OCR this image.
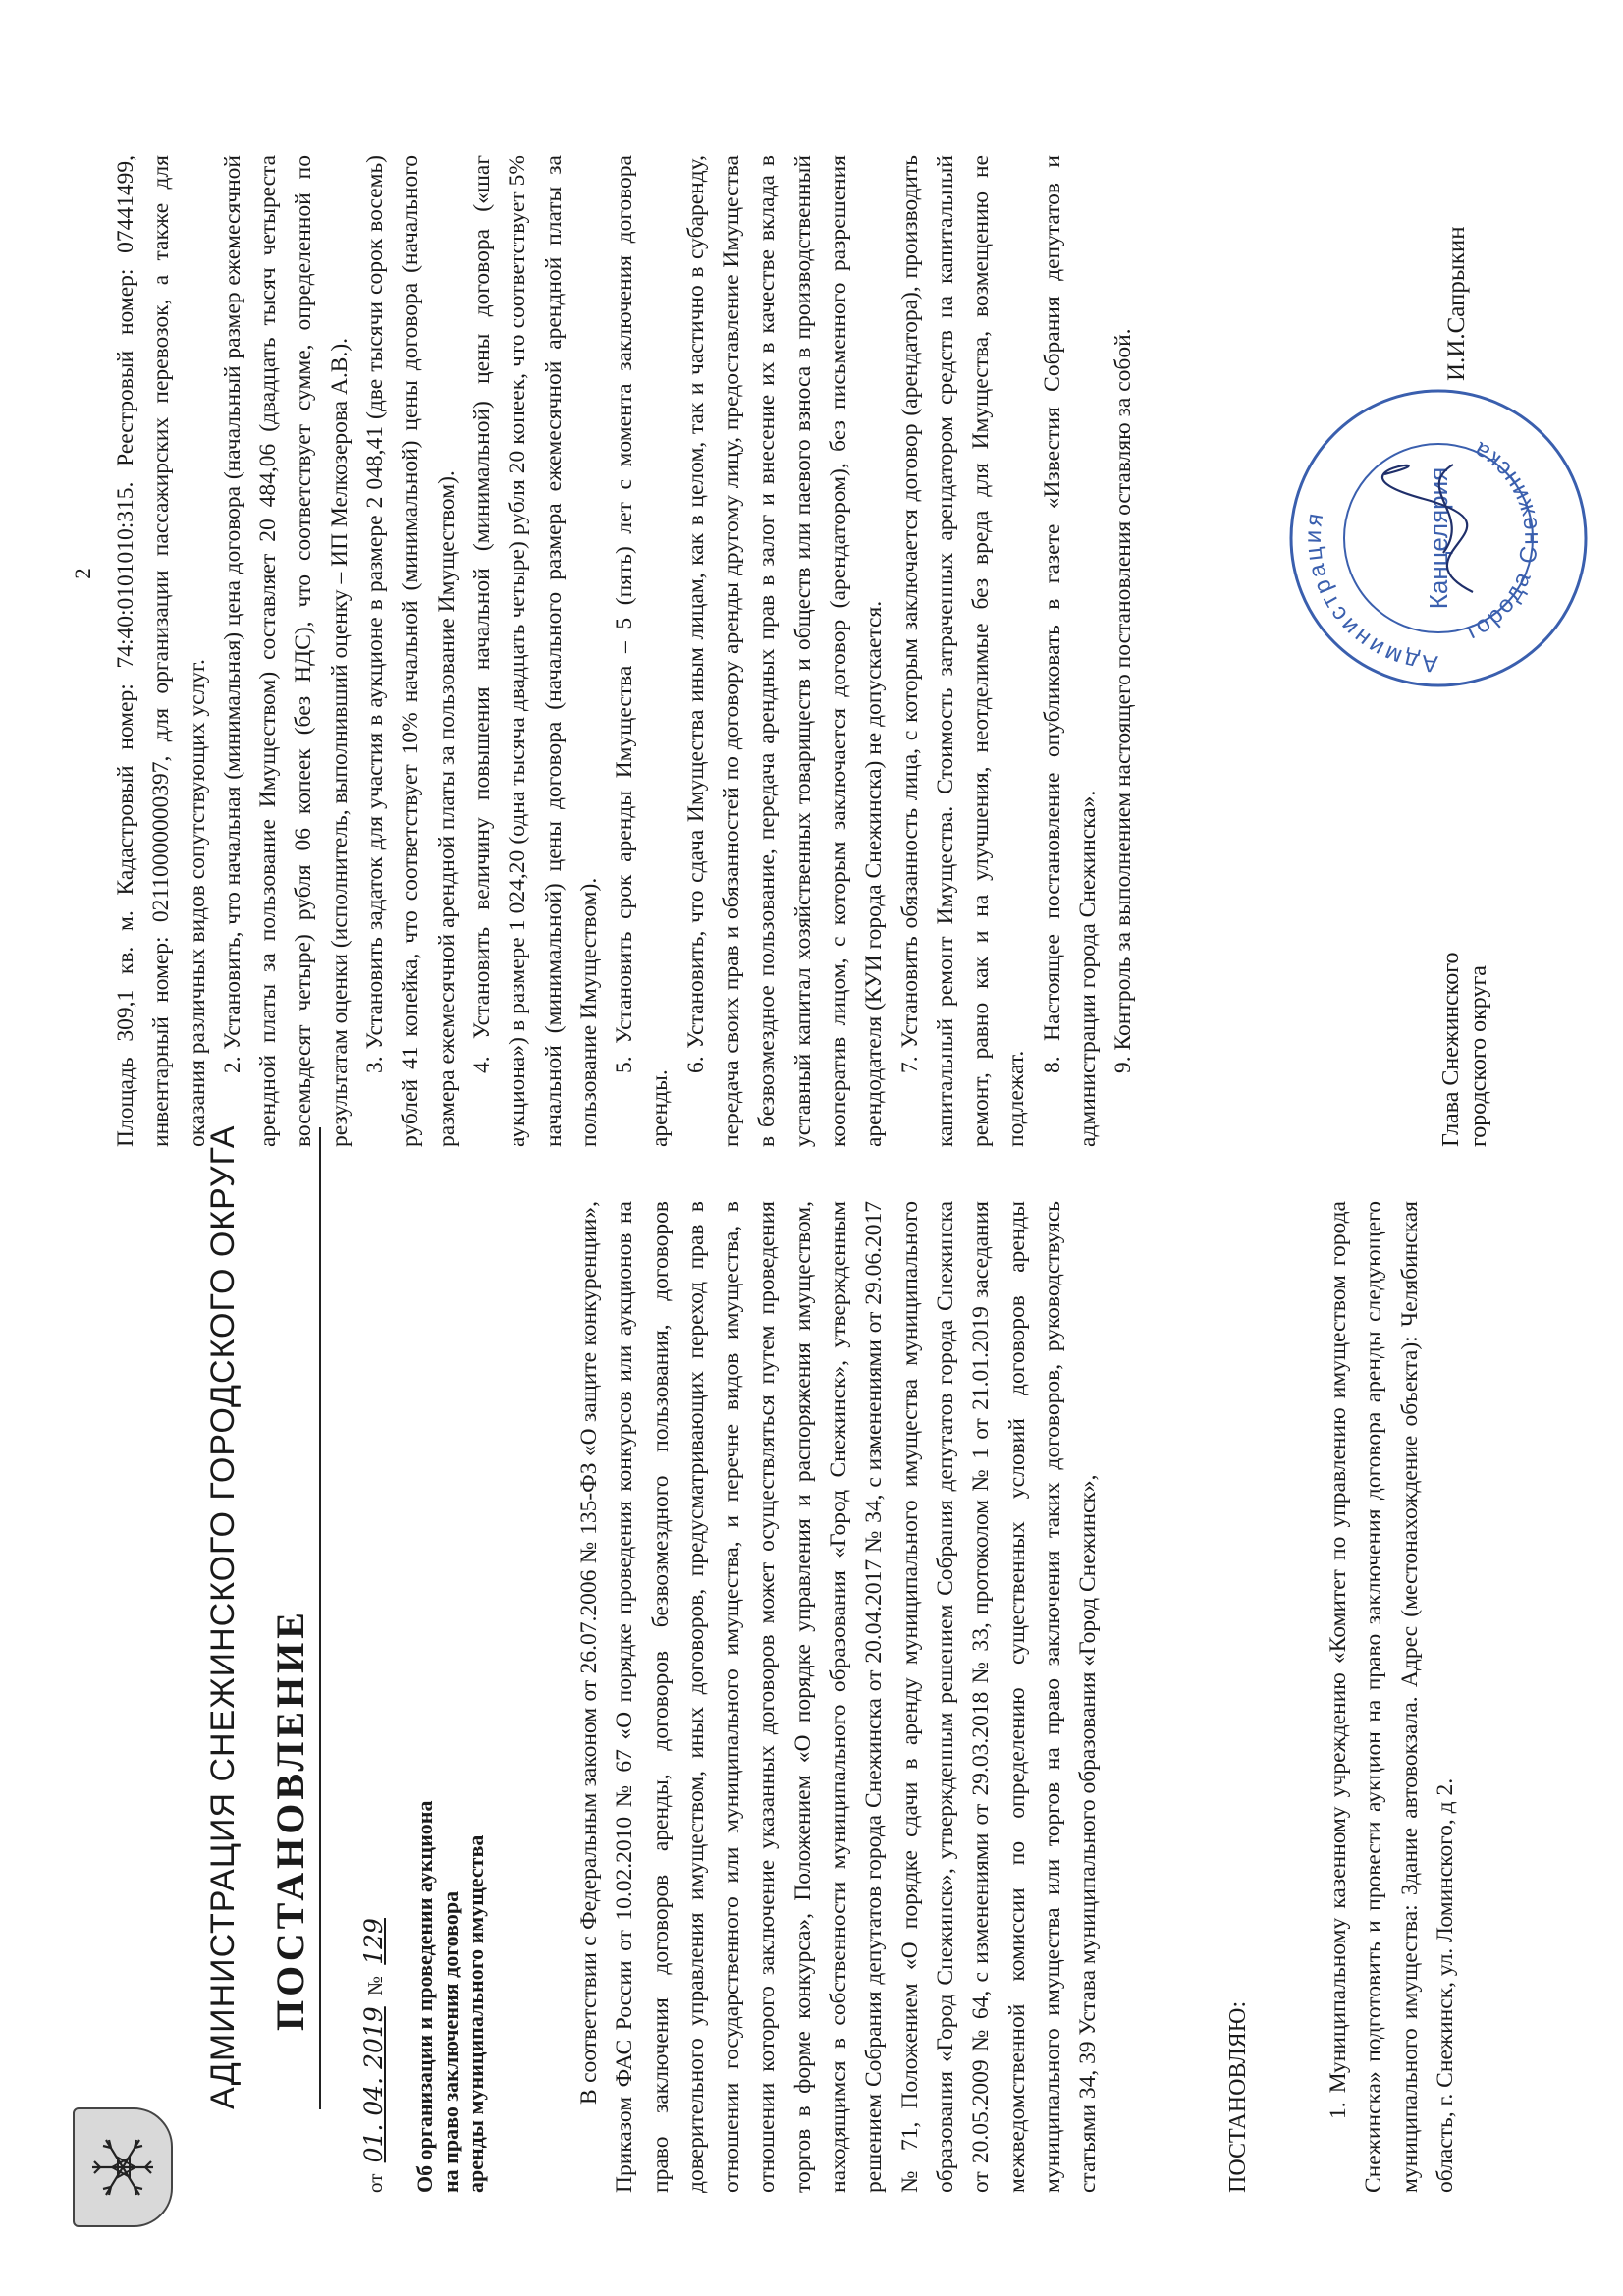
АДМИНИСТРАЦИЯ СНЕЖИНСКОГО ГОРОДСКОГО ОКРУГА ПОСТАНОВЛЕНИЕ
от 01. 04. 2019 № 129 Об организации и проведении аукциона на право заключения договора аренды муниципального имущества	В соответствии с Федеральным законом от 26.07.2006 № 135-ФЗ «О защите конкуренции», Приказом ФАС России от 10.02.2010 № 67 «О порядке проведения конкурсов или аукционов на право заключения договоров аренды, договоров безвозмездного пользования, договоров доверительного управления имуществом, иных договоров, предусматривающих переход прав в отношении государственного или муниципального имущества, и перечне видов имущества, в отношении которого заключение указанных договоров может осуществляться путем проведения торгов в форме конкурса», Положением «О порядке управления и распоряжения имуществом, находящимся в собственности муниципального образования «Город Снежинск», утвержденным решением Собрания депутатов города Снежинска от 20.04.2017 № 34, с изменениями от 29.06.2017 № 71, Положением «О порядке сдачи в аренду муниципального имущества муниципального образования «Город Снежинск», утвержденным решением Собрания депутатов города Снежинска от 20.05.2009 № 64, с изменениями от 29.03.2018 № 33, протоколом № 1 от 21.01.2019 заседания межведомственной комиссии по определению существенных условий договоров аренды муниципального имущества или торгов на право заключения таких договоров, руководствуясь статьями 34, 39 Устава муниципального образования «Город Снежинск»,	ПОСТАНОВЛЯЮ:	1. Муниципальному казенному учреждению «Комитет по управлению имуществом города Снежинска» подготовить и провести аукцион на право заключения договора аренды следующего муниципального имущества: Здание автовокзала. Адрес (местонахождение объекта): Челябинская область, г. Снежинск, ул. Ломинского, д 2.
2 Площадь 309,1 кв. м. Кадастровый номер: 74:40:0101010:315. Реестровый номер: 07441499, инвентарный номер: 02110000000397, для организации пассажирских перевозок, а также для оказания различных видов сопутствующих услуг. 2. Установить, что начальная (минимальная) цена договора (начальный размер ежемесячной арендной платы за пользование Имуществом) составляет 20 484,06 (двадцать тысяч четыреста восемьдесят четыре) рубля 06 копеек (без НДС), что соответствует сумме, определенной по результатам оценки (исполнитель, выполнивший оценку – ИП Мелкозерова А.В.). 3. Установить задаток для участия в аукционе в размере 2 048,41 (две тысячи сорок восемь) рублей 41 копейка, что соответствует 10% начальной (минимальной) цены договора (начального размера ежемесячной арендной платы за пользование Имуществом). 4. Установить величину повышения начальной (минимальной) цены договора («шаг аукциона») в размере 1 024,20 (одна тысяча двадцать четыре) рубля 20 копеек, что соответствует 5% начальной (минимальной) цены договора (начального размера ежемесячной арендной платы за пользование Имуществом). 5. Установить срок аренды Имущества – 5 (пять) лет с момента заключения договора аренды.

6. Установить, что сдача Имущества иным лицам, как в целом, так и частично в субаренду, передача своих прав и обязанностей по договору аренды другому лицу, предоставление Имущества в безвозмездное пользование, передача арендных прав в залог и внесение их в качестве вклада в уставный капитал хозяйственных товариществ и обществ или паевого взноса в производственный кооператив лицом, с которым заключается договор (арендатором), без письменного разрешения арендодателя (КУИ города Снежинска) не допускается. 7. Установить обязанность лица, с которым заключается договор (арендатора), производить капитальный ремонт Имущества. Стоимость затраченных арендатором средств на капитальный ремонт, равно как и на улучшения, неотделимые без вреда для Имущества, возмещению не подлежат.

8. Настоящее постановление опубликовать в газете «Известия Собрания депутатов и администрации города Снежинска». 9. Контроль за выполнением настоящего постановления оставляю за собой.	Глава Снежинского городского округа
Администрация
города Снежинска
Канцелярия
И.И.Сапрыкин
